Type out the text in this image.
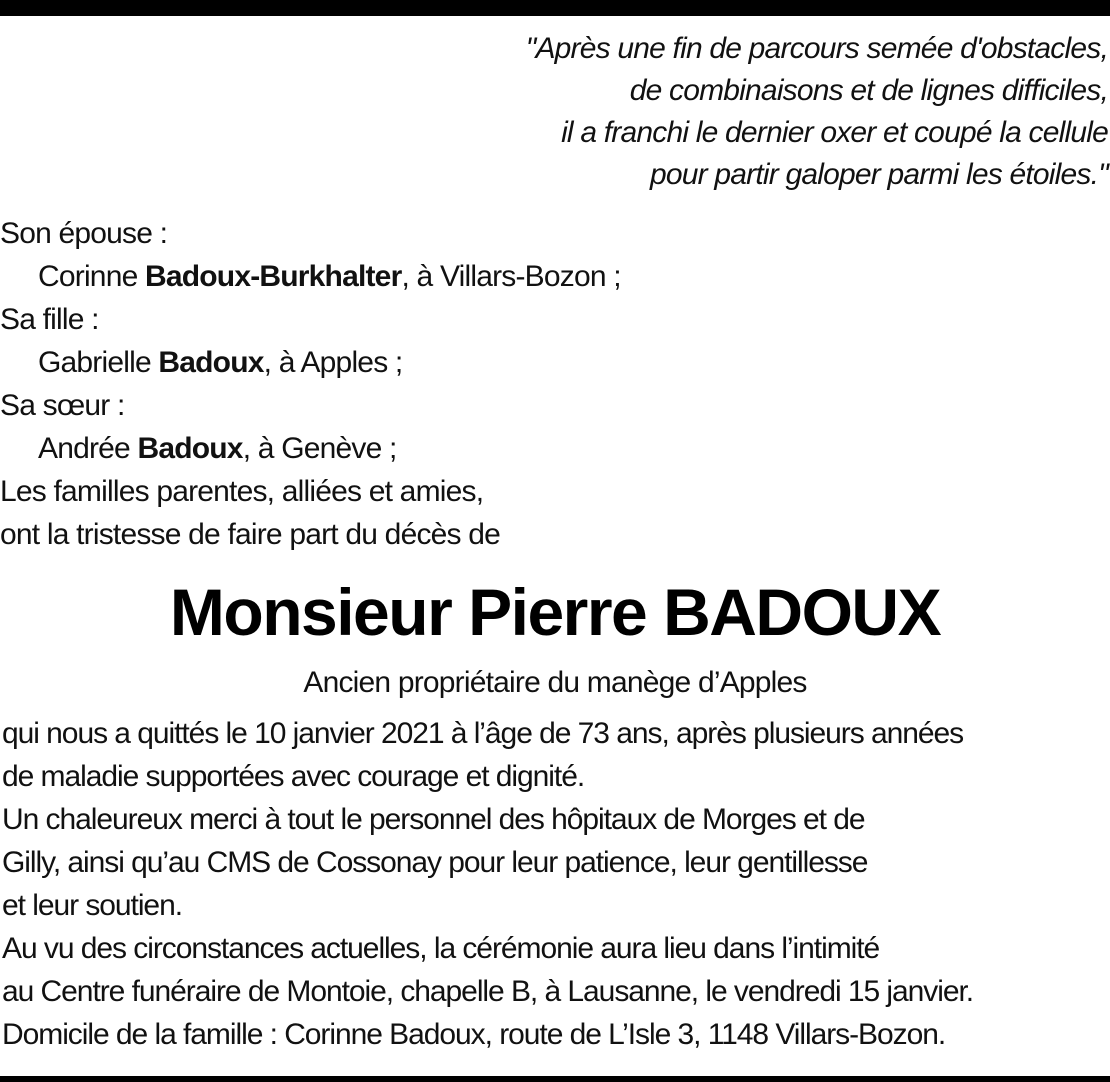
"Après une fin de parcours semée d'obstacles,
de combinaisons et de lignes difficiles,
il a franchi le dernier oxer et coupé la cellule
pour partir galoper parmi les étoiles."
Son épouse :
Corinne Badoux-Burkhalter, à Villars-Bozon ;
Sa fille :
Gabrielle Badoux, à Apples ;
Sa sœur :
Andrée Badoux, à Genève ;
Les familles parentes, alliées et amies,
ont la tristesse de faire part du décès de
Monsieur Pierre BADOUX
Ancien propriétaire du manège d’Apples
qui nous a quittés le 10 janvier 2021 à l’âge de 73 ans, après plusieurs années
de maladie supportées avec courage et dignité.
Un chaleureux merci à tout le personnel des hôpitaux de Morges et de
Gilly, ainsi qu’au CMS de Cossonay pour leur patience, leur gentillesse
et leur soutien.
Au vu des circonstances actuelles, la cérémonie aura lieu dans l’intimité
au Centre funéraire de Montoie, chapelle B, à Lausanne, le vendredi 15 janvier.
Domicile de la famille : Corinne Badoux, route de L’Isle 3, 1148 Villars-Bozon.
